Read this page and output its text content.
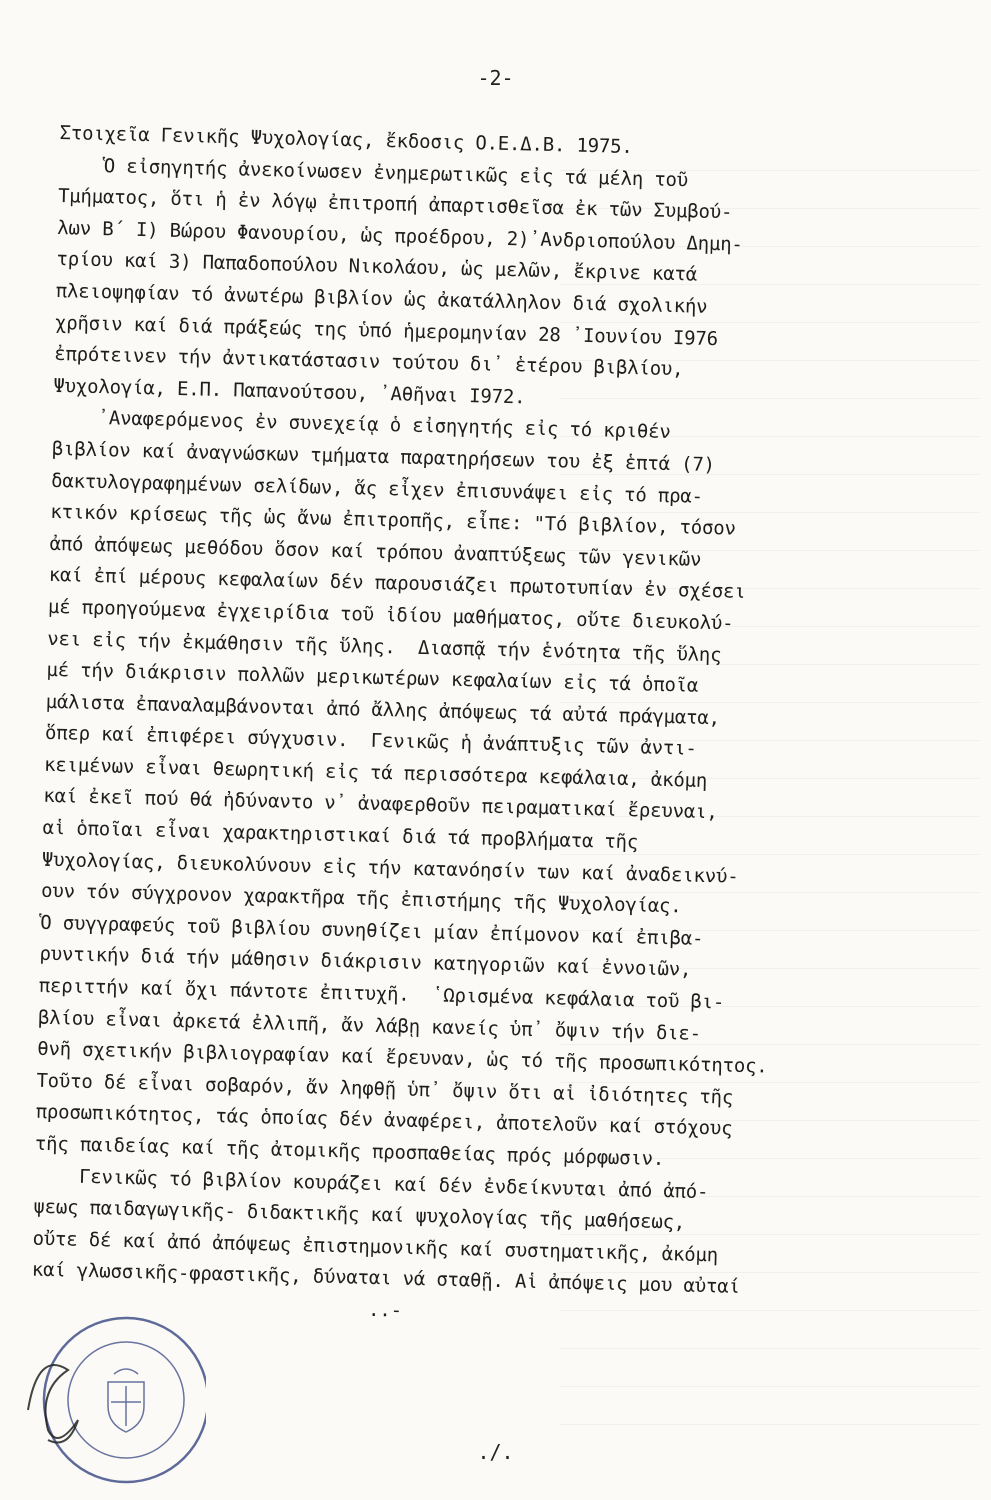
-2-
Στοιχεῖα Γενικῆς Ψυχολογίας, ἔκδοσις Ο.Ε.Δ.Β. 1975.
Ὁ εἰσηγητής ἀνεκοίνωσεν ἐνημερωτικῶς εἰς τά μέλη τοῦ
Τμήματος, ὅτι ἡ ἐν λόγῳ ἐπιτροπή ἀπαρτισθεῖσα ἐκ τῶν Συμβού-
λων Β΄ Ι) Βώρου Φανουρίου, ὡς προέδρου, 2)᾿Ανδριοπούλου Δημη-
τρίου καί 3) Παπαδοπούλου Νικολάου, ὡς μελῶν, ἔκρινε κατά
πλειοψηφίαν τό ἀνωτέρω βιβλίον ὡς ἀκατάλληλον διά σχολικήν
χρῆσιν καί διά πράξεώς της ὑπό ἡμερομηνίαν 28 ᾿Ιουνίου Ι976
ἐπρότεινεν τήν ἀντικατάστασιν τούτου δι᾿ ἑτέρου βιβλίου,
Ψυχολογία, Ε.Π. Παπανούτσου, ᾿Αθῆναι Ι972.
᾿Αναφερόμενος ἐν συνεχείᾳ ὁ εἰσηγητής εἰς τό κριθέν
βιβλίον καί ἀναγνώσκων τμήματα παρατηρήσεων του ἐξ ἑπτά (7)
δακτυλογραφημένων σελίδων, ἅς εἶχεν ἐπισυνάψει εἰς τό πρα-
κτικόν κρίσεως τῆς ὡς ἄνω ἐπιτροπῆς, εἶπε: "Τό βιβλίον, τόσον
ἀπό ἀπόψεως μεθόδου ὅσον καί τρόπου ἀναπτύξεως τῶν γενικῶν
καί ἐπί μέρους κεφαλαίων δέν παρουσιάζει πρωτοτυπίαν ἐν σχέσει
μέ προηγούμενα ἐγχειρίδια τοῦ ἰδίου μαθήματος, οὔτε διευκολύ-
νει εἰς τήν ἐκμάθησιν τῆς ὕλης.  Διασπᾷ τήν ἑνότητα τῆς ὕλης
μέ τήν διάκρισιν πολλῶν μερικωτέρων κεφαλαίων εἰς τά ὁποῖα
μάλιστα ἐπαναλαμβάνονται ἀπό ἄλλης ἀπόψεως τά αὐτά πράγματα,
ὅπερ καί ἐπιφέρει σύγχυσιν.  Γενικῶς ἡ ἀνάπτυξις τῶν ἀντι-
κειμένων εἶναι θεωρητική εἰς τά περισσότερα κεφάλαια, ἀκόμη
καί ἐκεῖ πού θά ἠδύναντο ν᾿ ἀναφερθοῦν πειραματικαί ἔρευναι,
αἱ ὁποῖαι εἶναι χαρακτηριστικαί διά τά προβλήματα τῆς
Ψυχολογίας, διευκολύνουν εἰς τήν κατανόησίν των καί ἀναδεικνύ-
ουν τόν σύγχρονον χαρακτῆρα τῆς ἐπιστήμης τῆς Ψυχολογίας.
Ὁ συγγραφεύς τοῦ βιβλίου συνηθίζει μίαν ἐπίμονον καί ἐπιβα-
ρυντικήν διά τήν μάθησιν διάκρισιν κατηγοριῶν καί ἐννοιῶν,
περιττήν καί ὄχι πάντοτε ἐπιτυχῆ.  ῾Ωρισμένα κεφάλαια τοῦ βι-
βλίου εἶναι ἀρκετά ἐλλιπῆ, ἄν λάβῃ κανείς ὑπ᾿ ὄψιν τήν διε-
θνῆ σχετικήν βιβλιογραφίαν καί ἔρευναν, ὡς τό τῆς προσωπικότητος.
Τοῦτο δέ εἶναι σοβαρόν, ἄν ληφθῇ ὑπ᾿ ὄψιν ὅτι αἱ ἰδιότητες τῆς
προσωπικότητος, τάς ὁποίας δέν ἀναφέρει, ἀποτελοῦν καί στόχους
τῆς παιδείας καί τῆς ἀτομικῆς προσπαθείας πρός μόρφωσιν.
Γενικῶς τό βιβλίον κουράζει καί δέν ἐνδείκνυται ἀπό ἀπό-
ψεως παιδαγωγικῆς- διδακτικῆς καί ψυχολογίας τῆς μαθήσεως,
οὔτε δέ καί ἀπό ἀπόψεως ἐπιστημονικῆς καί συστηματικῆς, ἀκόμη
καί γλωσσικῆς-φραστικῆς, δύναται νά σταθῇ. Αἱ ἀπόψεις μου αὐταί
..-
./.
